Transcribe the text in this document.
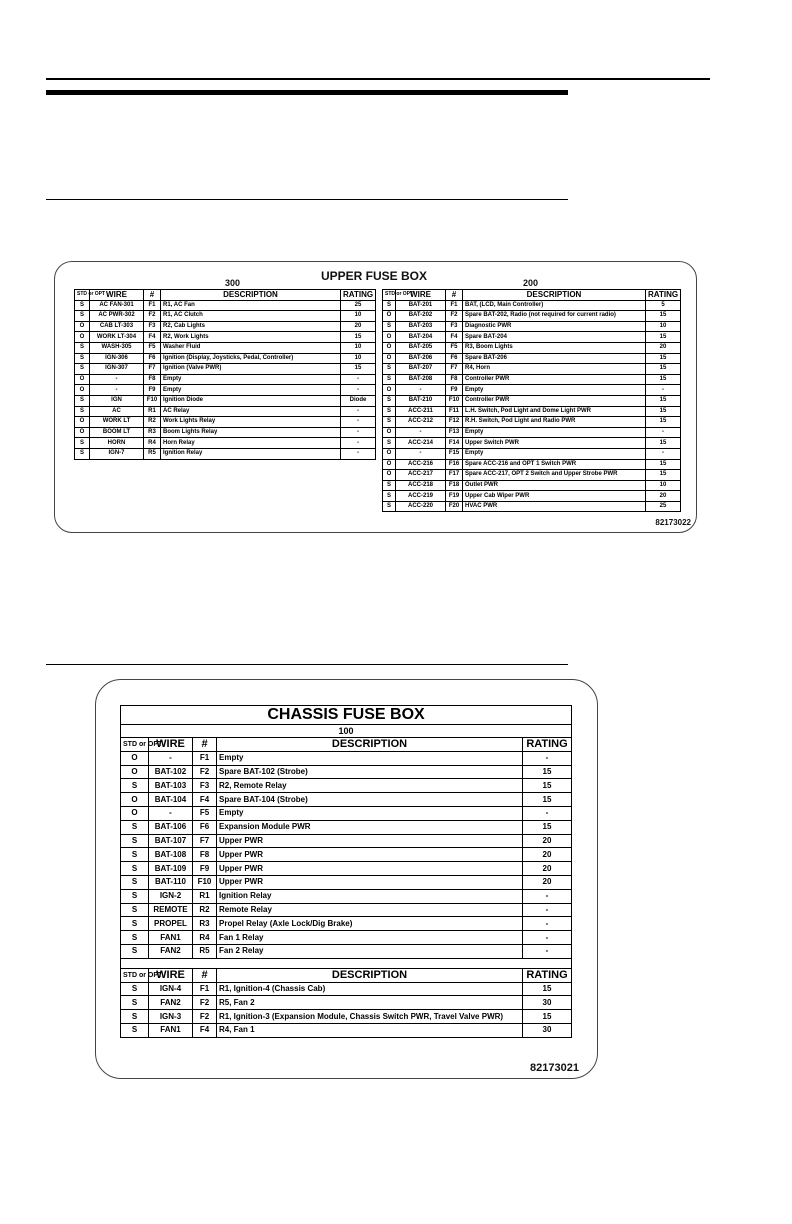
UPPER FUSE BOX
300	200
STD or OPT	WIRE	#	DESCRIPTION	RATING
S	AC FAN-301	F1	R1, AC Fan	25
S	AC PWR-302	F2	R1, AC Clutch	10
O	CAB LT-303	F3	R2, Cab Lights	20
O	WORK LT-304	F4	R2, Work Lights	15
S	WASH-305	F5	Washer Fluid	10
S	IGN-306	F6	Ignition (Display, Joysticks, Pedal, Controller)	10
S	IGN-307	F7	Ignition (Valve PWR)	15
O	-	F8	Empty	-
O	-	F9	Empty	-
S	IGN	F10	Ignition Diode	Diode
S	AC	R1	AC Relay	-
O	WORK LT	R2	Work Lights Relay	-
O	BOOM LT	R3	Boom Lights Relay	-
S	HORN	R4	Horn Relay	-
S	IGN-7	R5	Ignition Relay	-
STD or OPT	WIRE	#	DESCRIPTION	RATING
S	BAT-201	F1	BAT, (LCD, Main Controller)	5
O	BAT-202	F2	Spare BAT-202, Radio (not required for current radio)	15
S	BAT-203	F3	Diagnostic PWR	10
O	BAT-204	F4	Spare BAT-204	15
O	BAT-205	F5	R3, Boom Lights	20
O	BAT-206	F6	Spare BAT-206	15
S	BAT-207	F7	R4, Horn	15
S	BAT-208	F8	Controller PWR	15
O	-	F9	Empty	-
S	BAT-210	F10	Controller PWR	15
S	ACC-211	F11	L.H. Switch, Pod Light and Dome Light PWR	15
S	ACC-212	F12	R.H. Switch, Pod Light and Radio PWR	15
O	-	F13	Empty	-
S	ACC-214	F14	Upper Switch PWR	15
O	-	F15	Empty	-
O	ACC-216	F16	Spare ACC-216 and OPT 1 Switch PWR	15
O	ACC-217	F17	Spare ACC-217, OPT 2 Switch and Upper Strobe PWR	15
S	ACC-218	F18	Outlet PWR	10
S	ACC-219	F19	Upper Cab Wiper PWR	20
S	ACC-220	F20	HVAC PWR	25
82173022
CHASSIS FUSE BOX				
100				
STD or OPT	WIRE	#	DESCRIPTION	RATING
O	-	F1	Empty	-
O	BAT-102	F2	Spare BAT-102 (Strobe)	15
S	BAT-103	F3	R2, Remote Relay	15
O	BAT-104	F4	Spare BAT-104 (Strobe)	15
O	-	F5	Empty	-
S	BAT-106	F6	Expansion Module PWR	15
S	BAT-107	F7	Upper PWR	20
S	BAT-108	F8	Upper PWR	20
S	BAT-109	F9	Upper PWR	20
S	BAT-110	F10	Upper PWR	20
S	IGN-2	R1	Ignition Relay	-
S	REMOTE	R2	Remote Relay	-
S	PROPEL	R3	Propel Relay (Axle Lock/Dig Brake)	-
S	FAN1	R4	Fan 1 Relay	-
S	FAN2	R5	Fan 2 Relay	-

STD or OPT	WIRE	#	DESCRIPTION	RATING
S	IGN-4	F1	R1, Ignition-4 (Chassis Cab)	15
S	FAN2	F2	R5, Fan 2	30
S	IGN-3	F2	R1, Ignition-3 (Expansion Module, Chassis Switch PWR, Travel Valve PWR)	15
S	FAN1	F4	R4, Fan 1	30
82173021
